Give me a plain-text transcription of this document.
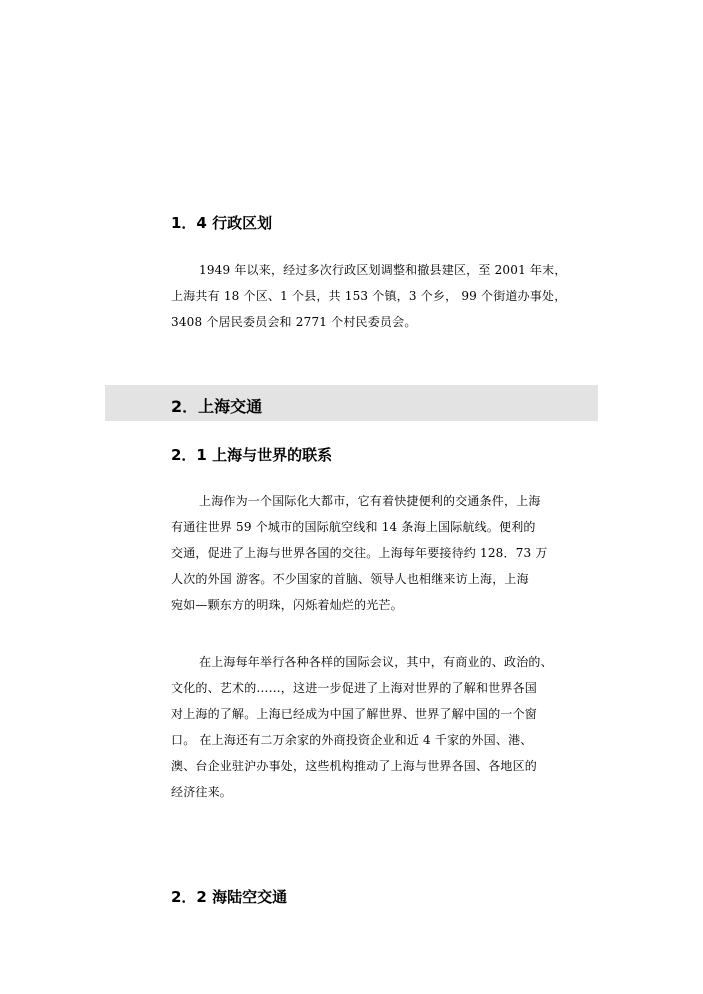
1．4 行政区划
1949 年以来，经过多次行政区划调整和撤县建区，至 2001 年末，
上海共有 18 个区、1 个县，共 153 个镇，3 个乡， 99 个街道办事处，
3408 个居民委员会和 2771 个村民委员会。
2．上海交通
2．1 上海与世界的联系
上海作为一个国际化大都市，它有着快捷便利的交通条件，上海
有通往世界 59 个城市的国际航空线和 14 条海上国际航线。便利的
交通，促进了上海与世界各国的交往。上海每年要接待约 128．73 万
人次的外国 游客。不少国家的首脑、领导人也相继来访上海，上海
宛如—颗东方的明珠，闪烁着灿烂的光芒。
在上海每年举行各种各样的国际会议，其中，有商业的、政治的、
文化的、艺术的……，这进一步促进了上海对世界的了解和世界各国
对上海的了解。上海已经成为中国了解世界、世界了解中国的一个窗
口。 在上海还有二万余家的外商投资企业和近 4 千家的外国、港、
澳、台企业驻沪办事处，这些机构推动了上海与世界各国、各地区的
经济往来。
2．2 海陆空交通
